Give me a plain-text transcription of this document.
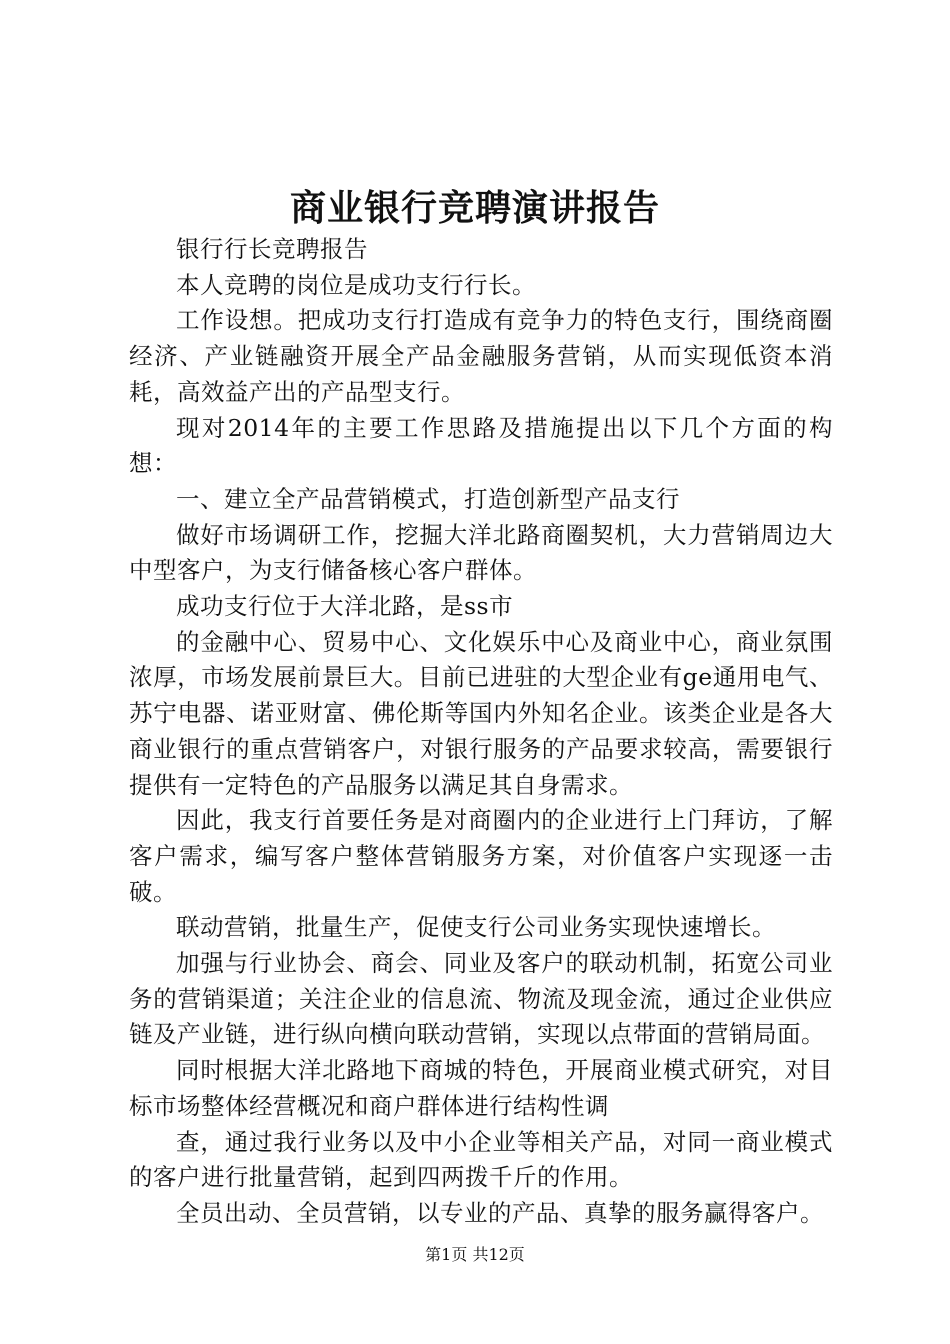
商业银行竞聘演讲报告

银行行长竞聘报告

本人竞聘的岗位是成功支行行长。

工作设想。把成功支行打造成有竞争力的特色支行，围绕商圈经济、产业链融资开展全产品金融服务营销，从而实现低资本消耗，高效益产出的产品型支行。

现对2014年的主要工作思路及措施提出以下几个方面的构想：

一、建立全产品营销模式，打造创新型产品支行

做好市场调研工作，挖掘大洋北路商圈契机，大力营销周边大中型客户，为支行储备核心客户群体。

成功支行位于大洋北路，是ss市

的金融中心、贸易中心、文化娱乐中心及商业中心，商业氛围浓厚，市场发展前景巨大。目前已进驻的大型企业有ge通用电气、苏宁电器、诺亚财富、佛伦斯等国内外知名企业。该类企业是各大商业银行的重点营销客户，对银行服务的产品要求较高，需要银行提供有一定特色的产品服务以满足其自身需求。

因此，我支行首要任务是对商圈内的企业进行上门拜访，了解客户需求，编写客户整体营销服务方案，对价值客户实现逐一击破。

联动营销，批量生产，促使支行公司业务实现快速增长。

加强与行业协会、商会、同业及客户的联动机制，拓宽公司业务的营销渠道；关注企业的信息流、物流及现金流，通过企业供应链及产业链，进行纵向横向联动营销，实现以点带面的营销局面。

同时根据大洋北路地下商城的特色，开展商业模式研究，对目标市场整体经营概况和商户群体进行结构性调

查，通过我行业务以及中小企业等相关产品，对同一商业模式的客户进行批量营销，起到四两拨千斤的作用。

全员出动、全员营销，以专业的产品、真挚的服务赢得客户。

第1页 共12页
